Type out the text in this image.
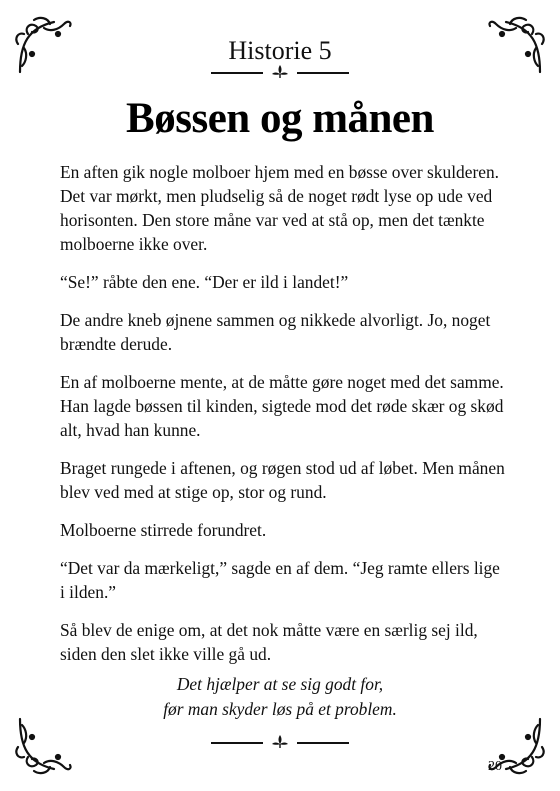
Historie 5
Bøssen og månen

En aften gik nogle molboer hjem med en bøsse over skulderen. Det var mørkt, men pludselig så de noget rødt lyse op ude ved horisonten. Den store måne var ved at stå op, men det tænkte molboerne ikke over.

“Se!” råbte den ene. “Der er ild i landet!”

De andre kneb øjnene sammen og nikkede alvorligt. Jo, noget brændte derude.

En af molboerne mente, at de måtte gøre noget med det samme. Han lagde bøssen til kinden, sigtede mod det røde skær og skød alt, hvad han kunne.

Braget rungede i aftenen, og røgen stod ud af løbet. Men månen blev ved med at stige op, stor og rund.

Molboerne stirrede forundret.

“Det var da mærkeligt,” sagde en af dem. “Jeg ramte ellers lige i ilden.”

Så blev de enige om, at det nok måtte være en særlig sej ild, siden den slet ikke ville gå ud.

Det hjælper at se sig godt for,
før man skyder løs på et problem.
20
